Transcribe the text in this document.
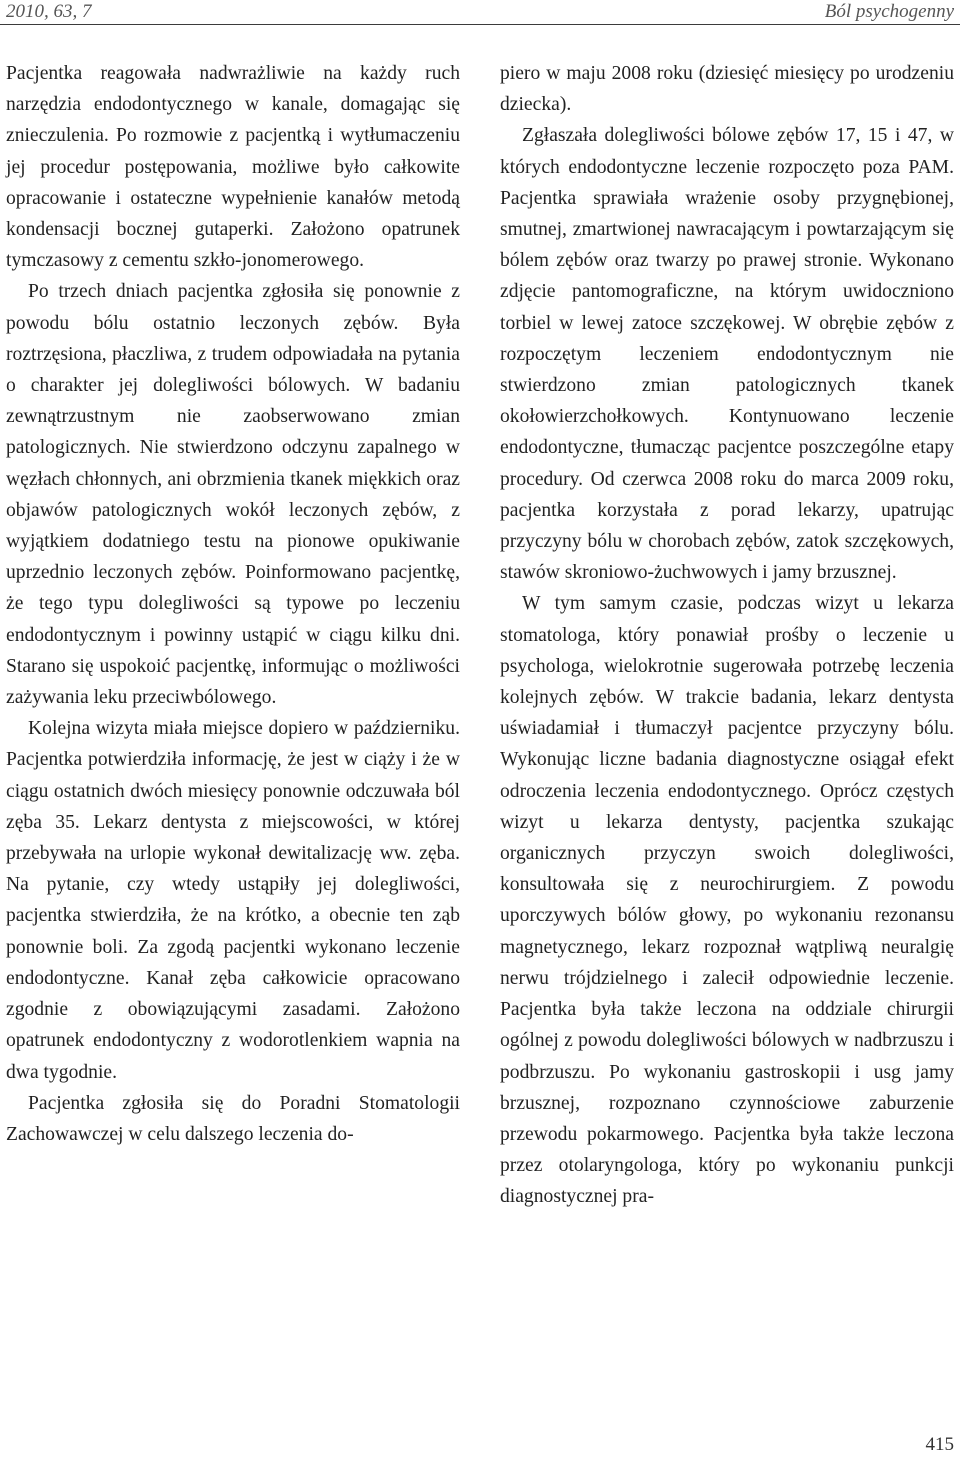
2010, 63, 7	Ból psychogenny

Pacjentka reagowała nadwrażliwie na każdy ruch narzędzia endodontycznego w kanale, domagając się znieczulenia. Po rozmowie z pacjentką i wytłumaczeniu jej procedur postępowania, możliwe było całkowite opracowanie i ostateczne wypełnienie kanałów metodą kondensacji bocznej gutaperki. Założono opatrunek tymczasowy z cementu szkło-jonomerowego.

Po trzech dniach pacjentka zgłosiła się ponownie z powodu bólu ostatnio leczonych zębów. Była roztrzęsiona, płaczliwa, z trudem odpowiadała na pytania o charakter jej dolegliwości bólowych. W badaniu zewnątrzustnym nie zaobserwowano zmian patologicznych. Nie stwierdzono odczynu zapalnego w węzłach chłonnych, ani obrzmienia tkanek miękkich oraz objawów patologicznych wokół leczonych zębów, z wyjątkiem dodatniego testu na pionowe opukiwanie uprzednio leczonych zębów. Poinformowano pacjentkę, że tego typu dolegliwości są typowe po leczeniu endodontycznym i powinny ustąpić w ciągu kilku dni. Starano się uspokoić pacjentkę, informując o możliwości zażywania leku przeciwbólowego.

Kolejna wizyta miała miejsce dopiero w październiku. Pacjentka potwierdziła informację, że jest w ciąży i że w ciągu ostatnich dwóch miesięcy ponownie odczuwała ból zęba 35. Lekarz dentysta z miejscowości, w której przebywała na urlopie wykonał dewitalizację ww. zęba. Na pytanie, czy wtedy ustąpiły jej dolegliwości, pacjentka stwierdziła, że na krótko, a obecnie ten ząb ponownie boli. Za zgodą pacjentki wykonano leczenie endodontyczne. Kanał zęba całkowicie opracowano zgodnie z obowiązującymi zasadami. Założono opatrunek endodontyczny z wodorotlenkiem wapnia na dwa tygodnie.

Pacjentka zgłosiła się do Poradni Stomatologii Zachowawczej w celu dalszego leczenia do-

piero w maju 2008 roku (dziesięć miesięcy po urodzeniu dziecka).

Zgłaszała dolegliwości bólowe zębów 17, 15 i 47, w których endodontyczne leczenie rozpoczęto poza PAM. Pacjentka sprawiała wrażenie osoby przygnębionej, smutnej, zmartwionej nawracającym i powtarzającym się bólem zębów oraz twarzy po prawej stronie. Wykonano zdjęcie pantomograficzne, na którym uwidoczniono torbiel w lewej zatoce szczękowej. W obrębie zębów z rozpoczętym leczeniem endodontycznym nie stwierdzono zmian patologicznych tkanek okołowierzchołkowych. Kontynuowano leczenie endodontyczne, tłumacząc pacjentce poszczególne etapy procedury. Od czerwca 2008 roku do marca 2009 roku, pacjentka korzystała z porad lekarzy, upatrując przyczyny bólu w chorobach zębów, zatok szczękowych, stawów skroniowo-żuchwowych i jamy brzusznej.

W tym samym czasie, podczas wizyt u lekarza stomatologa, który ponawiał prośby o leczenie u psychologa, wielokrotnie sugerowała potrzebę leczenia kolejnych zębów. W trakcie badania, lekarz dentysta uświadamiał i tłumaczył pacjentce przyczyny bólu. Wykonując liczne badania diagnostyczne osiągał efekt odroczenia leczenia endodontycznego. Oprócz częstych wizyt u lekarza dentysty, pacjentka szukając organicznych przyczyn swoich dolegliwości, konsultowała się z neurochirurgiem. Z powodu uporczywych bólów głowy, po wykonaniu rezonansu magnetycznego, lekarz rozpoznał wątpliwą neuralgię nerwu trójdzielnego i zalecił odpowiednie leczenie. Pacjentka była także leczona na oddziale chirurgii ogólnej z powodu dolegliwości bólowych w nadbrzuszu i podbrzuszu. Po wykonaniu gastroskopii i usg jamy brzusznej, rozpoznano czynnościowe zaburzenie przewodu pokarmowego. Pacjentka była także leczona przez otolaryngologa, który po wykonaniu punkcji diagnostycznej pra-

415
